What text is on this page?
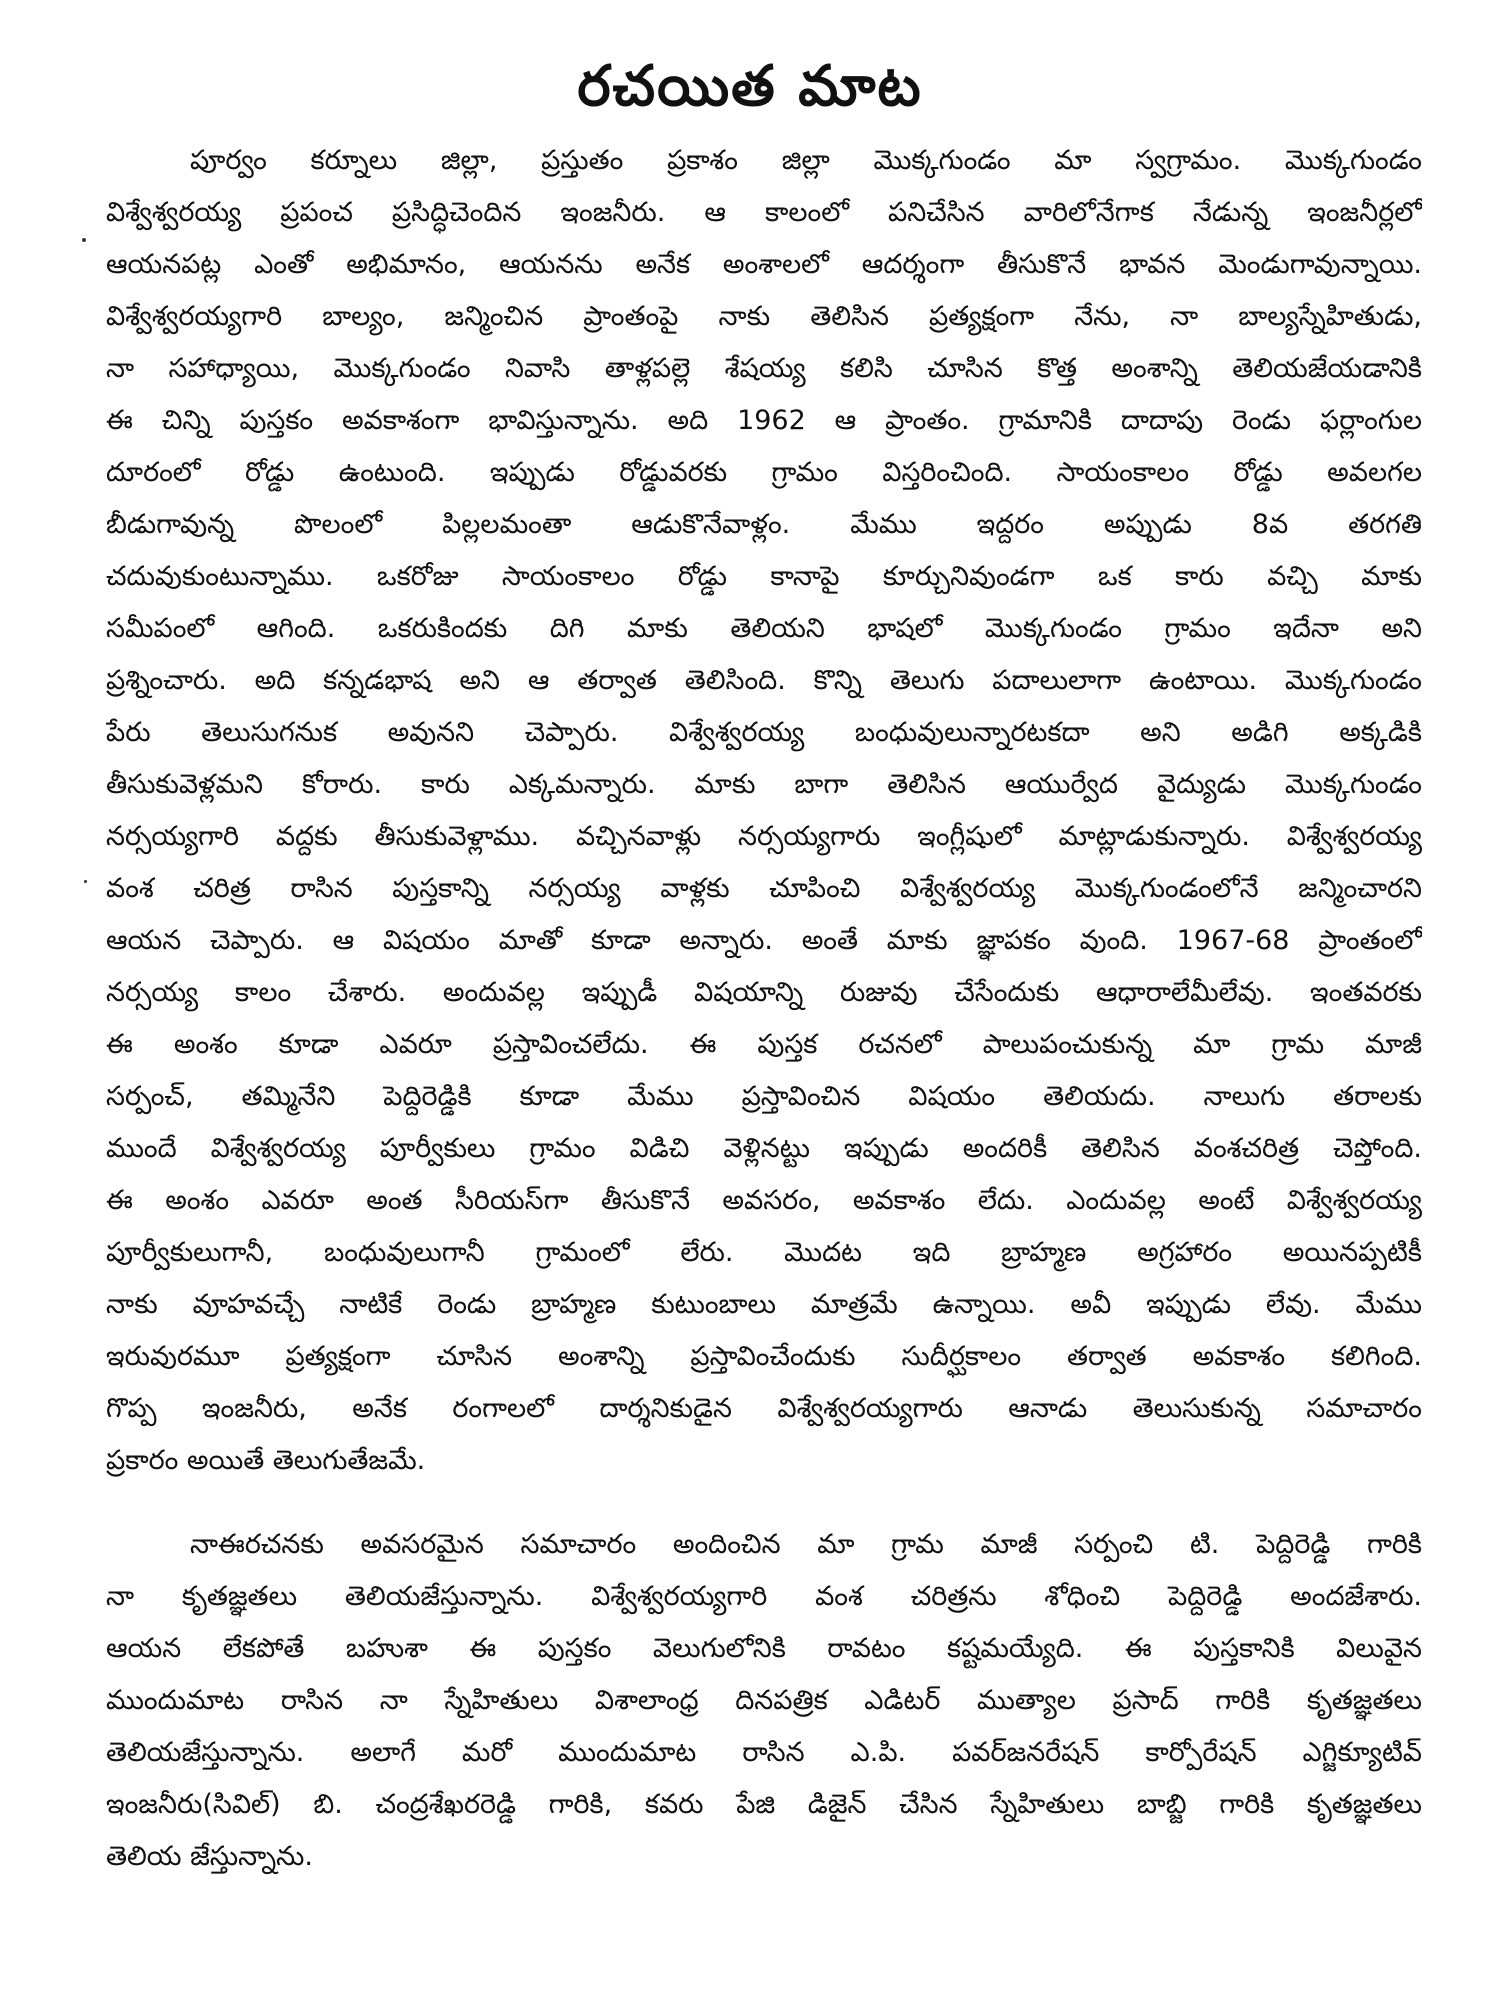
రచయిత మాట
పూర్వం కర్నూలు జిల్లా, ప్రస్తుతం ప్రకాశం జిల్లా మొక్కగుండం మా స్వగ్రామం. మొక్కగుండం
విశ్వేశ్వరయ్య ప్రపంచ ప్రసిద్ధిచెందిన ఇంజనీరు. ఆ కాలంలో పనిచేసిన వారిలోనేగాక నేడున్న ఇంజనీర్లలో
ఆయనపట్ల ఎంతో అభిమానం, ఆయనను అనేక అంశాలలో ఆదర్శంగా తీసుకొనే భావన మెండుగావున్నాయి.
విశ్వేశ్వరయ్యగారి బాల్యం, జన్మించిన ప్రాంతంపై నాకు తెలిసిన ప్రత్యక్షంగా నేను, నా బాల్యస్నేహితుడు,
నా సహాధ్యాయి, మొక్కగుండం నివాసి తాళ్లపల్లె శేషయ్య కలిసి చూసిన కొత్త అంశాన్ని తెలియజేయడానికి
ఈ చిన్ని పుస్తకం అవకాశంగా భావిస్తున్నాను. అది 1962 ఆ ప్రాంతం. గ్రామానికి దాదాపు రెండు ఫర్లాంగుల
దూరంలో రోడ్డు ఉంటుంది. ఇప్పుడు రోడ్డువరకు గ్రామం విస్తరించింది. సాయంకాలం రోడ్డు అవలగల
బీడుగావున్న పొలంలో పిల్లలమంతా ఆడుకొనేవాళ్లం. మేము ఇద్దరం అప్పుడు 8వ తరగతి
చదువుకుంటున్నాము. ఒకరోజు సాయంకాలం రోడ్డు కానాపై కూర్చునివుండగా ఒక కారు వచ్చి మాకు
సమీపంలో ఆగింది. ఒకరుకిందకు దిగి మాకు తెలియని భాషలో మొక్కగుండం గ్రామం ఇదేనా అని
ప్రశ్నించారు. అది కన్నడభాష అని ఆ తర్వాత తెలిసింది. కొన్ని తెలుగు పదాలులాగా ఉంటాయి. మొక్కగుండం
పేరు తెలుసుగనుక అవునని చెప్పారు. విశ్వేశ్వరయ్య బంధువులున్నారటకదా అని అడిగి అక్కడికి
తీసుకువెళ్లమని కోరారు. కారు ఎక్కమన్నారు. మాకు బాగా తెలిసిన ఆయుర్వేద వైద్యుడు మొక్కగుండం
నర్సయ్యగారి వద్దకు తీసుకువెళ్లాము. వచ్చినవాళ్లు నర్సయ్యగారు ఇంగ్లీషులో మాట్లాడుకున్నారు. విశ్వేశ్వరయ్య
వంశ చరిత్ర రాసిన పుస్తకాన్ని నర్సయ్య వాళ్లకు చూపించి విశ్వేశ్వరయ్య మొక్కగుండంలోనే జన్మించారని
ఆయన చెప్పారు. ఆ విషయం మాతో కూడా అన్నారు. అంతే మాకు జ్ఞాపకం వుంది. 1967-68 ప్రాంతంలో
నర్సయ్య కాలం చేశారు. అందువల్ల ఇప్పుడీ విషయాన్ని రుజువు చేసేందుకు ఆధారాలేమీలేవు. ఇంతవరకు
ఈ అంశం కూడా ఎవరూ ప్రస్తావించలేదు. ఈ పుస్తక రచనలో పాలుపంచుకున్న మా గ్రామ మాజీ
సర్పంచ్, తమ్మినేని పెద్దిరెడ్డికి కూడా మేము ప్రస్తావించిన విషయం తెలియదు. నాలుగు తరాలకు
ముందే విశ్వేశ్వరయ్య పూర్వీకులు గ్రామం విడిచి వెళ్లినట్టు ఇప్పుడు అందరికీ తెలిసిన వంశచరిత్ర చెప్తోంది.
ఈ అంశం ఎవరూ అంత సీరియస్‌గా తీసుకొనే అవసరం, అవకాశం లేదు. ఎందువల్ల అంటే విశ్వేశ్వరయ్య
పూర్వీకులుగానీ, బంధువులుగానీ గ్రామంలో లేరు. మొదట ఇది బ్రాహ్మణ అగ్రహారం అయినప్పటికీ
నాకు వూహవచ్చే నాటికే రెండు బ్రాహ్మణ కుటుంబాలు మాత్రమే ఉన్నాయి. అవీ ఇప్పుడు లేవు. మేము
ఇరువురమూ ప్రత్యక్షంగా చూసిన అంశాన్ని ప్రస్తావించేందుకు సుదీర్ఘకాలం తర్వాత అవకాశం కలిగింది.
గొప్ప ఇంజనీరు, అనేక రంగాలలో దార్శనికుడైన విశ్వేశ్వరయ్యగారు ఆనాడు తెలుసుకున్న సమాచారం
ప్రకారం అయితే తెలుగుతేజమే.
నాఈరచనకు అవసరమైన సమాచారం అందించిన మా గ్రామ మాజీ సర్పంచి టి. పెద్దిరెడ్డి గారికి
నా కృతజ్ఞతలు తెలియజేస్తున్నాను. విశ్వేశ్వరయ్యగారి వంశ చరిత్రను శోధించి పెద్దిరెడ్డి అందజేశారు.
ఆయన లేకపోతే బహుశా ఈ పుస్తకం వెలుగులోనికి రావటం కష్టమయ్యేది. ఈ పుస్తకానికి విలువైన
ముందుమాట రాసిన నా స్నేహితులు విశాలాంధ్ర దినపత్రిక ఎడిటర్ ముత్యాల ప్రసాద్ గారికి కృతజ్ఞతలు
తెలియజేస్తున్నాను. అలాగే మరో ముందుమాట రాసిన ఎ.పి. పవర్‌జనరేషన్ కార్పోరేషన్ ఎగ్జిక్యూటివ్
ఇంజనీరు(సివిల్) బి. చంద్రశేఖరరెడ్డి గారికి, కవరు పేజి డిజైన్ చేసిన స్నేహితులు బాబ్జి గారికి కృతజ్ఞతలు
తెలియ జేస్తున్నాను.
